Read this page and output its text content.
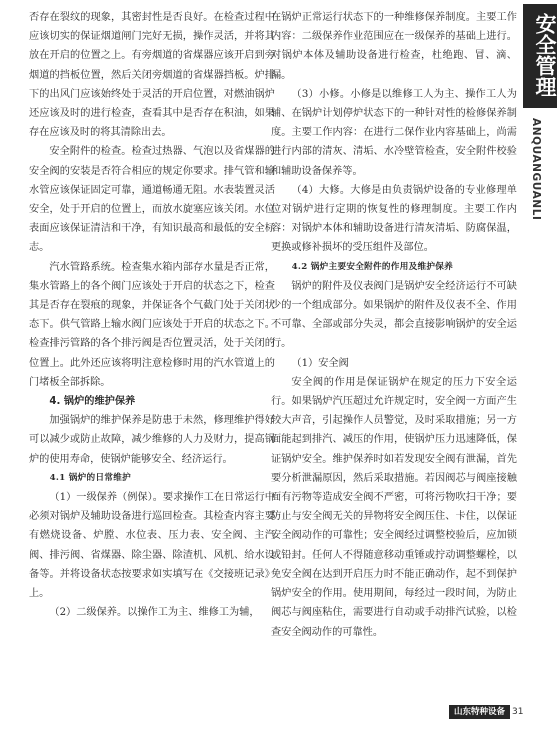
否存在裂纹的现象，其密封性是否良好。在检查过程中应该切实的保证烟道闸门完好无损，操作灵活，并将其放在开启的位置之上。有旁烟道的省煤器应该开启到旁烟道的挡板位置，然后关闭旁烟道的省煤器挡板。炉排下的出风门应该始终处于灵活的开启位置，对燃油锅炉还应该及时的进行检查，查看其中是否存在积油，如果存在应该及时的将其清除出去。

安全附件的检查。检查过热器、气泡以及省煤器的安全阀的安装是否符合相应的规定你要求。排气管和输水管应该保证固定可靠，通道畅通无阻。水表装置灵活安全，处于开启的位置上，而放水旋塞应该关闭。水位表面应该保证清洁和干净，有知识最高和最低的安全标志。

汽水管路系统。检查集水箱内部存水量是否正常，集水管路上的各个阀门应该处于开启的状态之下，检查其是否存在裂痕的现象，并保证各个气截门处于关闭状态下。供气管路上输水阀门应该处于开启的状态之下。检查排污管路的各个排污阀是否位置灵活，处于关闭的位置上。此外还应该将明注意检修时用的汽水管道上的门堵板全部拆除。

4. 锅炉的维护保养

加强锅炉的维护保养是防患于未然，修理维护得好可以减少或防止故障，减少维修的人力及财力，提高锅炉的使用寿命，使锅炉能够安全、经济运行。

4.1 锅炉的日常维护

（1）一级保养（例保）。要求操作工在日常运行中必须对锅炉及辅助设备进行巡回检查。其检查内容主要有燃烧设备、炉膛、水位表、压力表、安全阀、主汽阀、排污阀、省煤器、除尘器、除渣机、风机、给水设备等。并将设备状态按要求如实填写在《交接班记录》上。

（2）二级保养。以操作工为主、维修工为辅，

在锅炉正常运行状态下的一种维修保养制度。主要工作内容：二级保养作业范围应在一级保养的基础上进行。对锅炉本体及辅助设备进行检查，杜绝跑、冒、滴、漏。

（3）小修。小修是以维修工人为主、操作工人为辅、在锅炉计划停炉状态下的一种针对性的检修保养制度。主要工作内容：在进行二保作业内容基础上，尚需进行内部的清灰、清垢、水冷壁管检查，安全附件校验和辅助设备保养等。

（4）大修。大修是由负责锅炉设备的专业修理单位对锅炉进行定期的恢复性的修理制度。主要工作内容：对锅炉本体和辅助设备进行清灰清垢、防腐保温，更换或修补损坏的受压组件及部位。

4.2 锅炉主要安全附件的作用及维护保养

锅炉的附件及仪表阀门是锅炉安全经济运行不可缺少的一个组成部分。如果锅炉的附件及仪表不全、作用不可靠、全部或部分失灵，都会直接影响锅炉的安全运行。

（1）安全阀

安全阀的作用是保证锅炉在规定的压力下安全运行。如果锅炉汽压超过允许规定时，安全阀一方面产生较大声音，引起操作人员警觉，及时采取措施；另一方面能起到排汽、减压的作用，使锅炉压力迅速降低，保证锅炉安全。维护保养时如若发现安全阀有泄漏，首先要分析泄漏原因，然后采取措施。若因阀芯与阀座接触面有污物等造成安全阀不严密，可将污物吹扫干净；要防止与安全阀无关的异物将安全阀压住、卡住，以保证安全阀动作的可靠性；安全阀经过调整校验后，应加锁或铅封。任何人不得随意移动重锤或拧动调整螺栓，以免安全阀在达到开启压力时不能正确动作，起不到保护锅炉安全的作用。使用期间，每经过一段时间，为防止阀芯与阀座粘住，需要进行自动或手动排汽试验，以检查安全阀动作的可靠性。

安全管理
ANQUANGUANLI
山东特种设备 31
